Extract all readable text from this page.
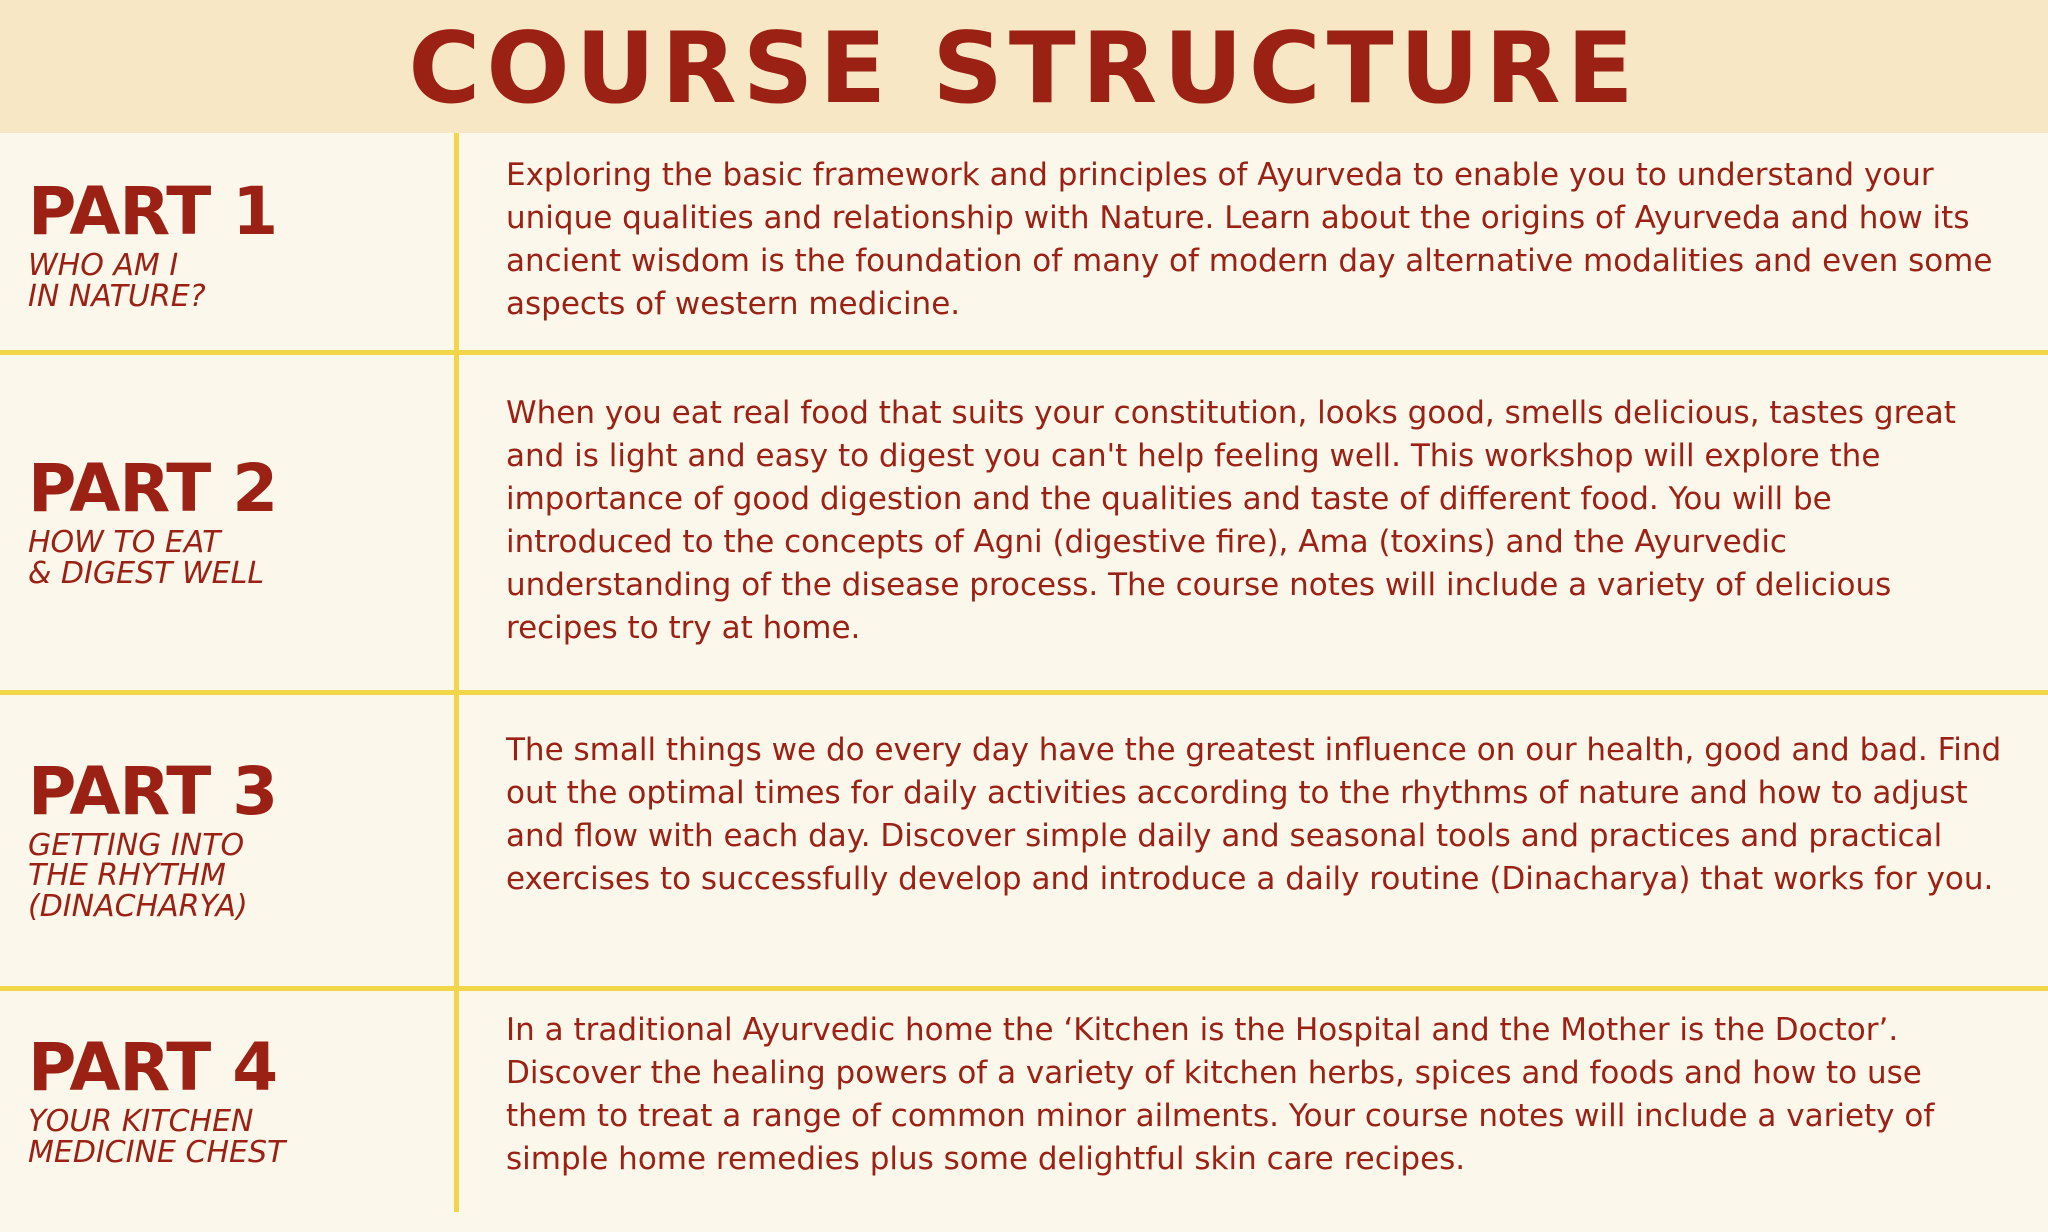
COURSE STRUCTURE
PART 1
WHO AM I
IN NATURE?
Exploring the basic framework and principles of Ayurveda to enable you to understand your unique qualities and relationship with Nature. Learn about the origins of Ayurveda and how its ancient wisdom is the foundation of many of modern day alternative modalities and even some aspects of western medicine.
PART 2
HOW TO EAT
& DIGEST WELL
When you eat real food that suits your constitution, looks good, smells delicious, tastes great and is light and easy to digest you can't help feeling well. This workshop will explore the importance of good digestion and the qualities and taste of different food. You will be introduced to the concepts of Agni (digestive fire), Ama (toxins) and the Ayurvedic understanding of the disease process. The course notes will include a variety of delicious recipes to try at home.
PART 3
GETTING INTO
THE RHYTHM
(DINACHARYA)
The small things we do every day have the greatest influence on our health, good and bad. Find out the optimal times for daily activities according to the rhythms of nature and how to adjust and flow with each day. Discover simple daily and seasonal tools and practices and practical exercises to successfully develop and introduce a daily routine (Dinacharya) that works for you.
PART 4
YOUR KITCHEN
MEDICINE CHEST
In a traditional Ayurvedic home the ‘Kitchen is the Hospital and the Mother is the Doctor’. Discover the healing powers of a variety of kitchen herbs, spices and foods and how to use them to treat a range of common minor ailments. Your course notes will include a variety of simple home remedies plus some delightful skin care recipes.
